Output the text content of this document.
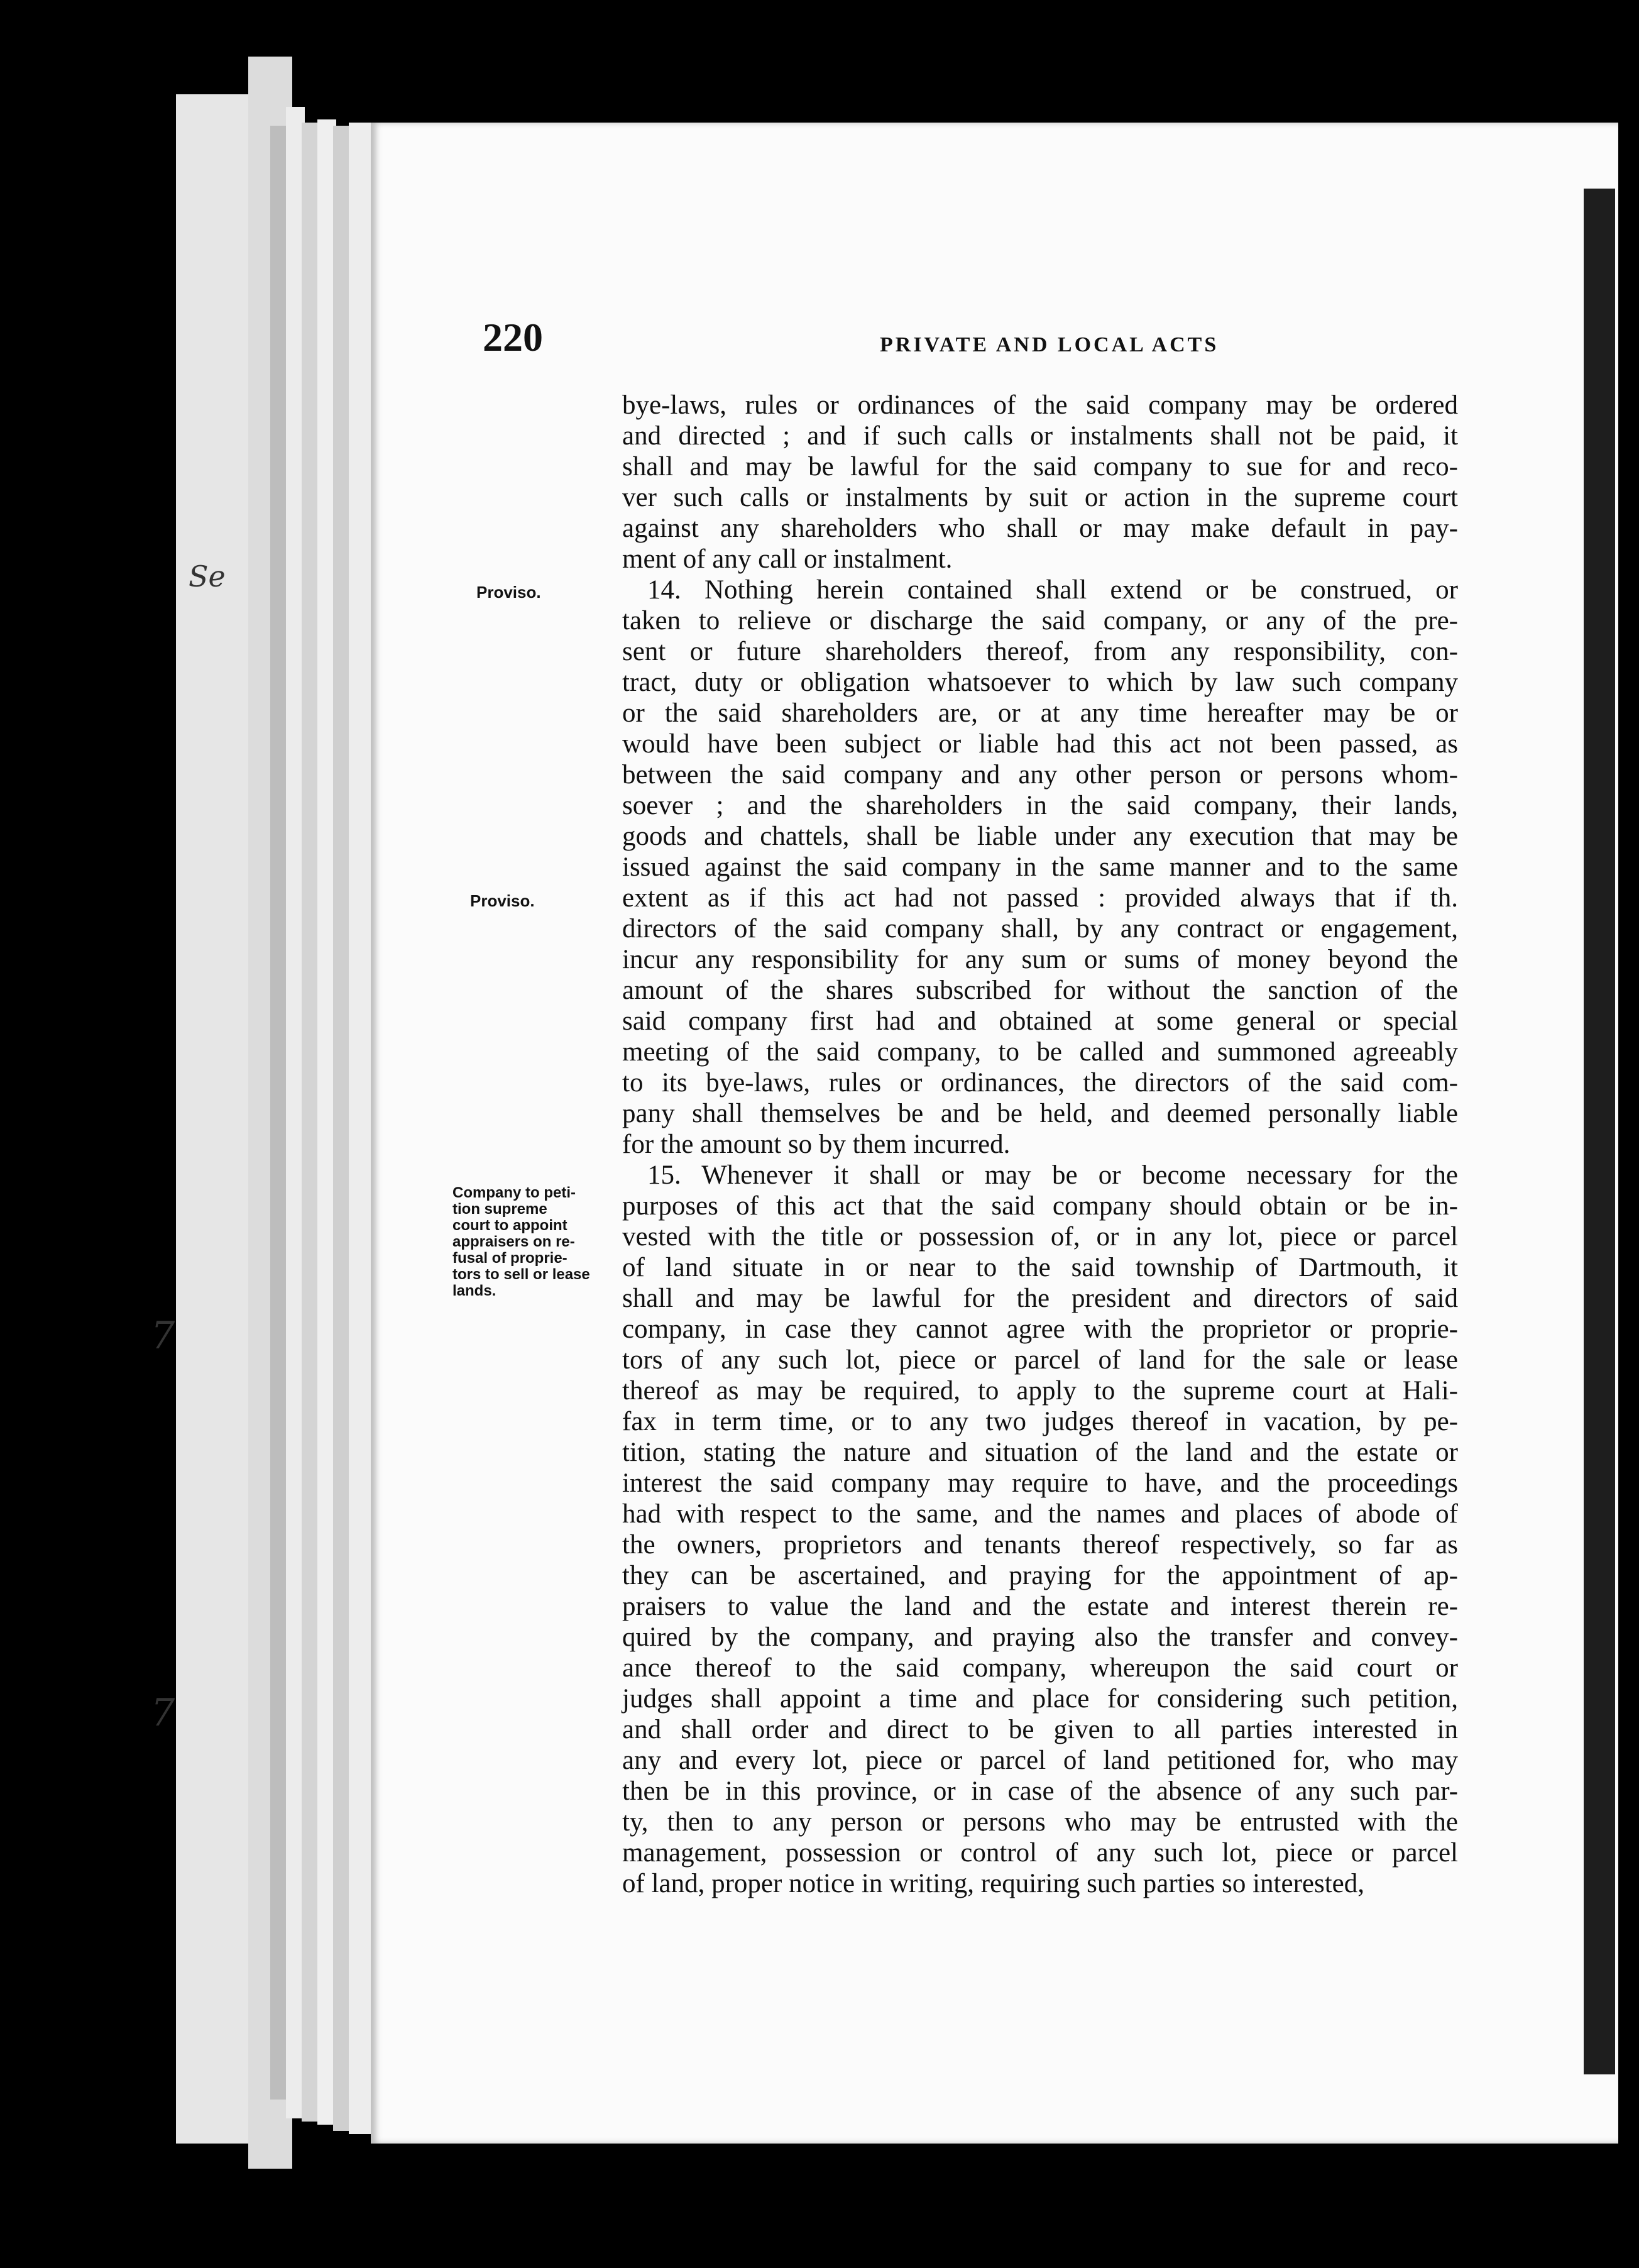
Se
7
7
220	PRIVATE AND LOCAL ACTS
Proviso.
Proviso.
Company to peti-
tion supreme
court to appoint
appraisers on re-
fusal of proprie-
tors to sell or lease
lands.
bye-laws, rules or ordinances of the said company may be ordered
and directed ; and if such calls or instalments shall not be paid, it
shall and may be lawful for the said company to sue for and reco-
ver such calls or instalments by suit or action in the supreme court
against any shareholders who shall or may make default in pay-
ment of any call or instalment.
14. Nothing herein contained shall extend or be construed, or
taken to relieve or discharge the said company, or any of the pre-
sent or future shareholders thereof, from any responsibility, con-
tract, duty or obligation whatsoever to which by law such company
or the said shareholders are, or at any time hereafter may be or
would have been subject or liable had this act not been passed, as
between the said company and any other person or persons whom-
soever ; and the shareholders in the said company, their lands,
goods and chattels, shall be liable under any execution that may be
issued against the said company in the same manner and to the same
extent as if this act had not passed : provided always that if th.
directors of the said company shall, by any contract or engagement,
incur any responsibility for any sum or sums of money beyond the
amount of the shares subscribed for without the sanction of the
said company first had and obtained at some general or special
meeting of the said company, to be called and summoned agreeably
to its bye-laws, rules or ordinances, the directors of the said com-
pany shall themselves be and be held, and deemed personally liable
for the amount so by them incurred.
15. Whenever it shall or may be or become necessary for the
purposes of this act that the said company should obtain or be in-
vested with the title or possession of, or in any lot, piece or parcel
of land situate in or near to the said township of Dartmouth, it
shall and may be lawful for the president and directors of said
company, in case they cannot agree with the proprietor or proprie-
tors of any such lot, piece or parcel of land for the sale or lease
thereof as may be required, to apply to the supreme court at Hali-
fax in term time, or to any two judges thereof in vacation, by pe-
tition, stating the nature and situation of the land and the estate or
interest the said company may require to have, and the proceedings
had with respect to the same, and the names and places of abode of
the owners, proprietors and tenants thereof respectively, so far as
they can be ascertained, and praying for the appointment of ap-
praisers to value the land and the estate and interest therein re-
quired by the company, and praying also the transfer and convey-
ance thereof to the said company, whereupon the said court or
judges shall appoint a time and place for considering such petition,
and shall order and direct to be given to all parties interested in
any and every lot, piece or parcel of land petitioned for, who may
then be in this province, or in case of the absence of any such par-
ty, then to any person or persons who may be entrusted with the
management, possession or control of any such lot, piece or parcel
of land, proper notice in writing, requiring such parties so interested,
